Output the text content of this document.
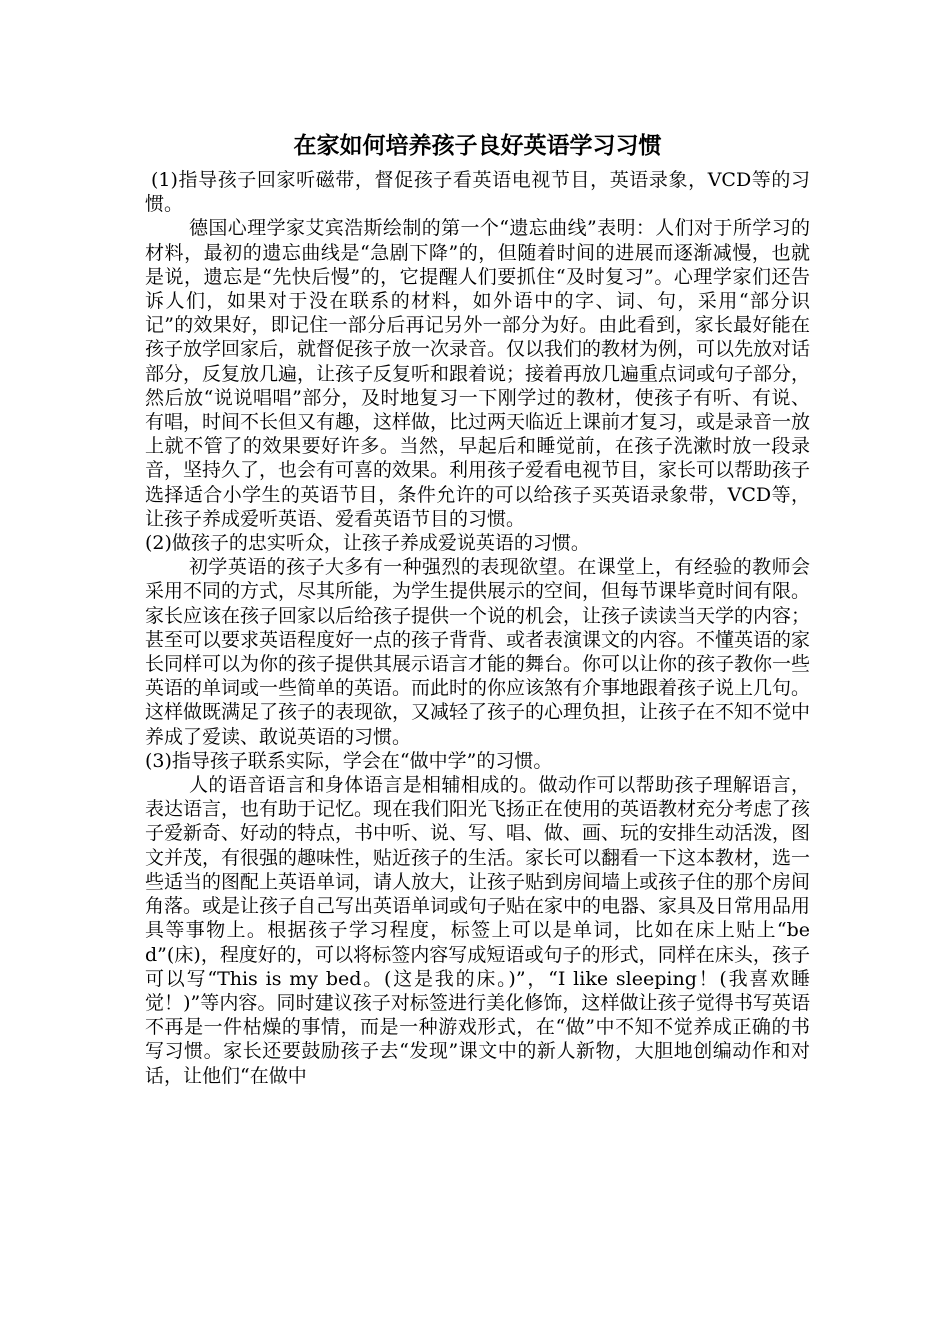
在家如何培养孩子良好英语学习习惯

(1)指导孩子回家听磁带，督促孩子看英语电视节目，英语录象，VCD等的习惯。

德国心理学家艾宾浩斯绘制的第一个“遗忘曲线”表明：人们对于所学习的材料，最初的遗忘曲线是“急剧下降”的，但随着时间的进展而逐渐减慢，也就是说，遗忘是“先快后慢”的，它提醒人们要抓住“及时复习”。心理学家们还告诉人们，如果对于没在联系的材料，如外语中的字、词、句，采用“部分识记”的效果好，即记住一部分后再记另外一部分为好。由此看到，家长最好能在孩子放学回家后，就督促孩子放一次录音。仅以我们的教材为例，可以先放对话部分，反复放几遍，让孩子反复听和跟着说；接着再放几遍重点词或句子部分，然后放“说说唱唱”部分，及时地复习一下刚学过的教材，使孩子有听、有说、有唱，时间不长但又有趣，这样做，比过两天临近上课前才复习，或是录音一放上就不管了的效果要好许多。当然，早起后和睡觉前，在孩子洗漱时放一段录音，坚持久了，也会有可喜的效果。利用孩子爱看电视节目，家长可以帮助孩子选择适合小学生的英语节目，条件允许的可以给孩子买英语录象带，VCD等，让孩子养成爱听英语、爱看英语节目的习惯。

(2)做孩子的忠实听众，让孩子养成爱说英语的习惯。

初学英语的孩子大多有一种强烈的表现欲望。在课堂上，有经验的教师会采用不同的方式，尽其所能，为学生提供展示的空间，但每节课毕竟时间有限。家长应该在孩子回家以后给孩子提供一个说的机会，让孩子读读当天学的内容；甚至可以要求英语程度好一点的孩子背背、或者表演课文的内容。不懂英语的家长同样可以为你的孩子提供其展示语言才能的舞台。你可以让你的孩子教你一些英语的单词或一些简单的英语。而此时的你应该煞有介事地跟着孩子说上几句。这样做既满足了孩子的表现欲，又减轻了孩子的心理负担，让孩子在不知不觉中养成了爱读、敢说英语的习惯。

(3)指导孩子联系实际，学会在“做中学”的习惯。

人的语音语言和身体语言是相辅相成的。做动作可以帮助孩子理解语言，表达语言，也有助于记忆。现在我们阳光飞扬正在使用的英语教材充分考虑了孩子爱新奇、好动的特点，书中听、说、写、唱、做、画、玩的安排生动活泼，图文并茂，有很强的趣味性，贴近孩子的生活。家长可以翻看一下这本教材，选一些适当的图配上英语单词，请人放大，让孩子贴到房间墙上或孩子住的那个房间角落。或是让孩子自己写出英语单词或句子贴在家中的电器、家具及日常用品用具等事物上。根据孩子学习程度，标签上可以是单词，比如在床上贴上“bed”(床)，程度好的，可以将标签内容写成短语或句子的形式，同样在床头，孩子可以写“This is my bed。(这是我的床。)”，“I like sleeping！(我喜欢睡觉！)”等内容。同时建议孩子对标签进行美化修饰，这样做让孩子觉得书写英语不再是一件枯燥的事情，而是一种游戏形式，在“做”中不知不觉养成正确的书写习惯。家长还要鼓励孩子去“发现”课文中的新人新物，大胆地创编动作和对话，让他们“在做中
